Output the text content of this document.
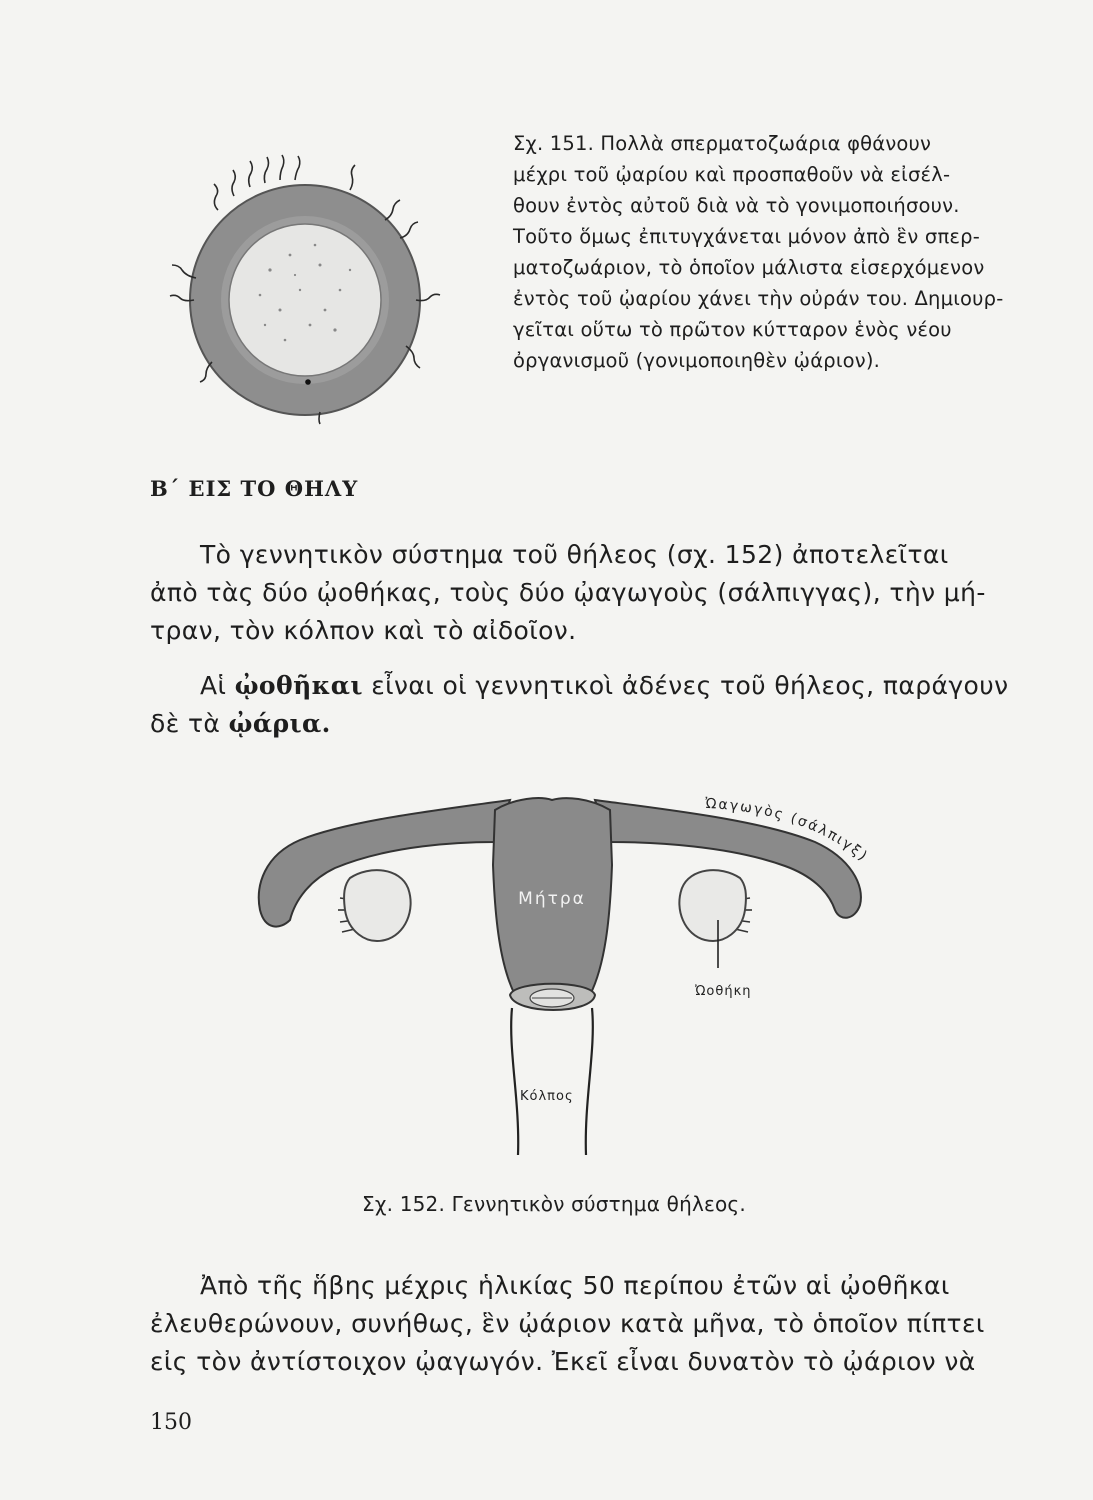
Σχ. 151. Πολλὰ σπερματοζωάρια φθάνουν
μέχρι τοῦ ᾠαρίου καὶ προσπαθοῦν νὰ εἰσέλ-
θουν ἐντὸς αὐτοῦ διὰ νὰ τὸ γονιμοποιήσουν.
Τοῦτο ὅμως ἐπιτυγχάνεται μόνον ἀπὸ ἓν σπερ-
ματοζωάριον, τὸ ὁποῖον μάλιστα εἰσερχόμενον
ἐντὸς τοῦ ᾠαρίου χάνει τὴν οὐράν του. Δημιουρ-
γεῖται οὕτω τὸ πρῶτον κύτταρον ἑνὸς νέου
ὀργανισμοῦ (γονιμοποιηθὲν ᾠάριον).
Β΄ ΕΙΣ ΤΟ ΘΗΛΥ
Τὸ γεννητικὸν σύστημα τοῦ θήλεος (σχ. 152) ἀποτελεῖται
ἀπὸ τὰς δύο ᾠοθήκας, τοὺς δύο ᾠαγωγοὺς (σάλπιγγας), τὴν μή-
τραν, τὸν κόλπον καὶ τὸ αἰδοῖον.
Αἱ ᾠοθῆκαι εἶναι οἱ γεννητικοὶ ἀδένες τοῦ θήλεος, παράγουν
δὲ τὰ ᾠάρια.
Μήτρα
Ὠοθήκη
Κόλπος
Ὠαγωγὸς (σάλπιγξ)
Σχ. 152. Γεννητικὸν σύστημα θήλεος.
Ἀπὸ τῆς ἥβης μέχρις ἡλικίας 50 περίπου ἐτῶν αἱ ᾠοθῆκαι
ἐλευθερώνουν, συνήθως, ἓν ᾠάριον κατὰ μῆνα, τὸ ὁποῖον πίπτει
εἰς τὸν ἀντίστοιχον ᾠαγωγόν. Ἐκεῖ εἶναι δυνατὸν τὸ ᾠάριον νὰ
150
